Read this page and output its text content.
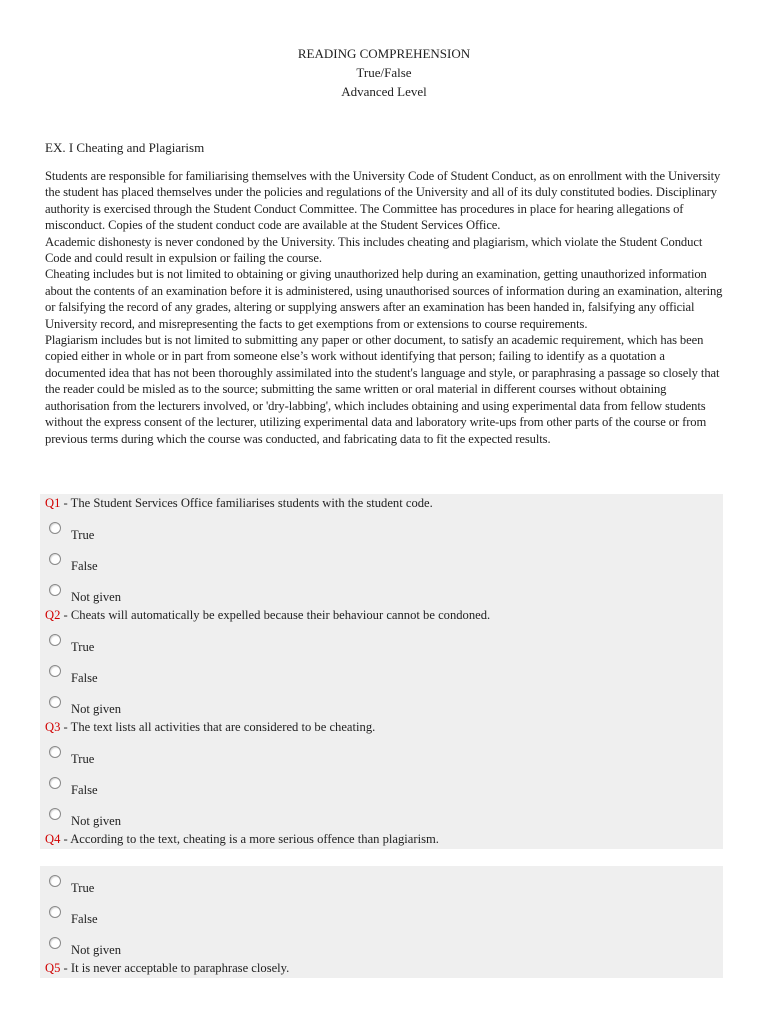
READING COMPREHENSION
True/False
Advanced Level
EX. I Cheating and Plagiarism

Students are responsible for familiarising themselves with the University Code of Student Conduct, as on enrollment with the University the student has placed themselves under the policies and regulations of the University and all of its duly constituted bodies. Disciplinary authority is exercised through the Student Conduct Committee. The Committee has procedures in place for hearing allegations of misconduct. Copies of the student conduct code are available at the Student Services Office.

Academic dishonesty is never condoned by the University. This includes cheating and plagiarism, which violate the Student Conduct Code and could result in expulsion or failing the course.

Cheating includes but is not limited to obtaining or giving unauthorized help during an examination, getting unauthorized information about the contents of an examination before it is administered, using unauthorised sources of information during an examination, altering or falsifying the record of any grades, altering or supplying answers after an examination has been handed in, falsifying any official University record, and misrepresenting the facts to get exemptions from or extensions to course requirements.

Plagiarism includes but is not limited to submitting any paper or other document, to satisfy an academic requirement, which has been copied either in whole or in part from someone else’s work without identifying that person; failing to identify as a quotation a documented idea that has not been thoroughly assimilated into the student's language and style, or paraphrasing a passage so closely that the reader could be misled as to the source; submitting the same written or oral material in different courses without obtaining authorisation from the lecturers involved, or 'dry-labbing', which includes obtaining and using experimental data from fellow students without the express consent of the lecturer, utilizing experimental data and laboratory write-ups from other parts of the course or from previous terms during which the course was conducted, and fabricating data to fit the expected results.

Q1 - The Student Services Office familiarises students with the student code.
True
False
Not given
Q2 - Cheats will automatically be expelled because their behaviour cannot be condoned.
True
False
Not given
Q3 - The text lists all activities that are considered to be cheating.
True
False
Not given
Q4 - According to the text, cheating is a more serious offence than plagiarism.
True
False
Not given
Q5 - It is never acceptable to paraphrase closely.
